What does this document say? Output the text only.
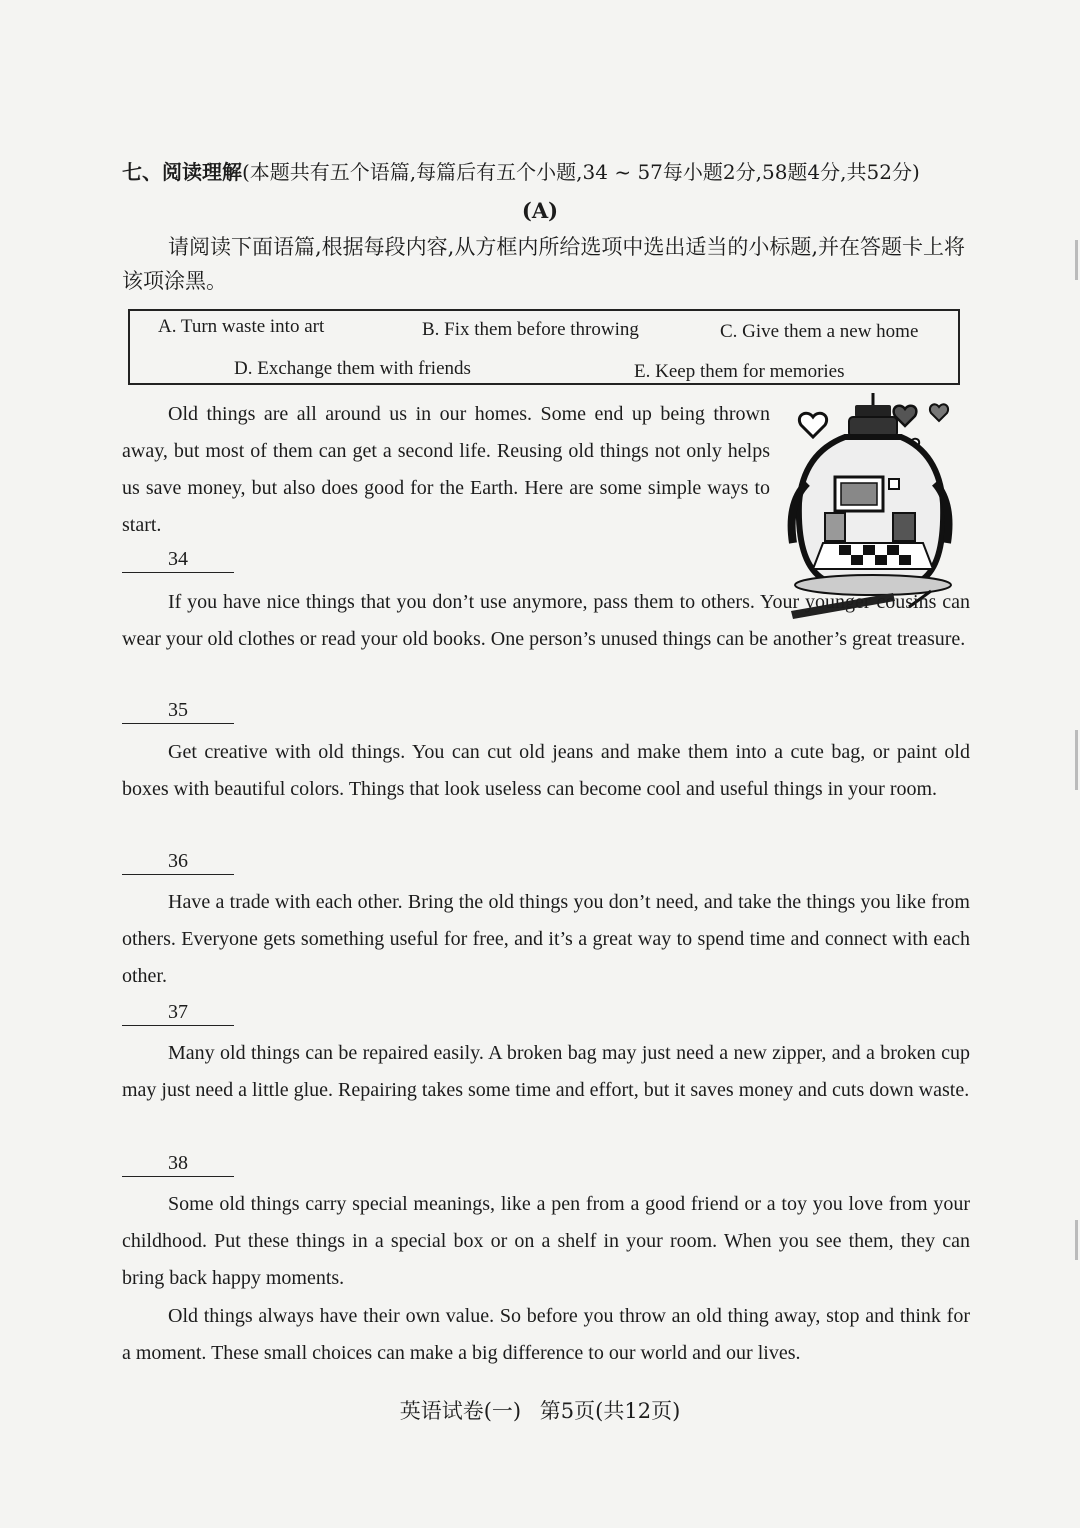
七、阅读理解(本题共有五个语篇,每篇后有五个小题,34 ~ 57每小题2分,58题4分,共52分)
(A)
请阅读下面语篇,根据每段内容,从方框内所给选项中选出适当的小标题,并在答题卡上将该项涂黑。
A. Turn waste into art	B. Fix them before throwing	C. Give them a new home
D. Exchange them with friends	E. Keep them for memories

Old things are all around us in our homes. Some end up being thrown away, but most of them can get a second life. Reusing old things not only helps us save money, but also does good for the Earth. Here are some simple ways to start.

34

If you have nice things that you don’t use anymore, pass them to others. Your younger cousins can wear your old clothes or read your old books. One person’s unused things can be another’s great treasure.

35

Get creative with old things. You can cut old jeans and make them into a cute bag, or paint old boxes with beautiful colors. Things that look useless can become cool and useful things in your room.

36

Have a trade with each other. Bring the old things you don’t need, and take the things you like from others. Everyone gets something useful for free, and it’s a great way to spend time and connect with each other.

37

Many old things can be repaired easily. A broken bag may just need a new zipper, and a broken cup may just need a little glue. Repairing takes some time and effort, but it saves money and cuts down waste.

38

Some old things carry special meanings, like a pen from a good friend or a toy you love from your childhood. Put these things in a special box or on a shelf in your room. When you see them, they can bring back happy moments.

Old things always have their own value. So before you throw an old thing away, stop and think for a moment. These small choices can make a big difference to our world and our lives.

英语试卷(一) 第5页(共12页)
